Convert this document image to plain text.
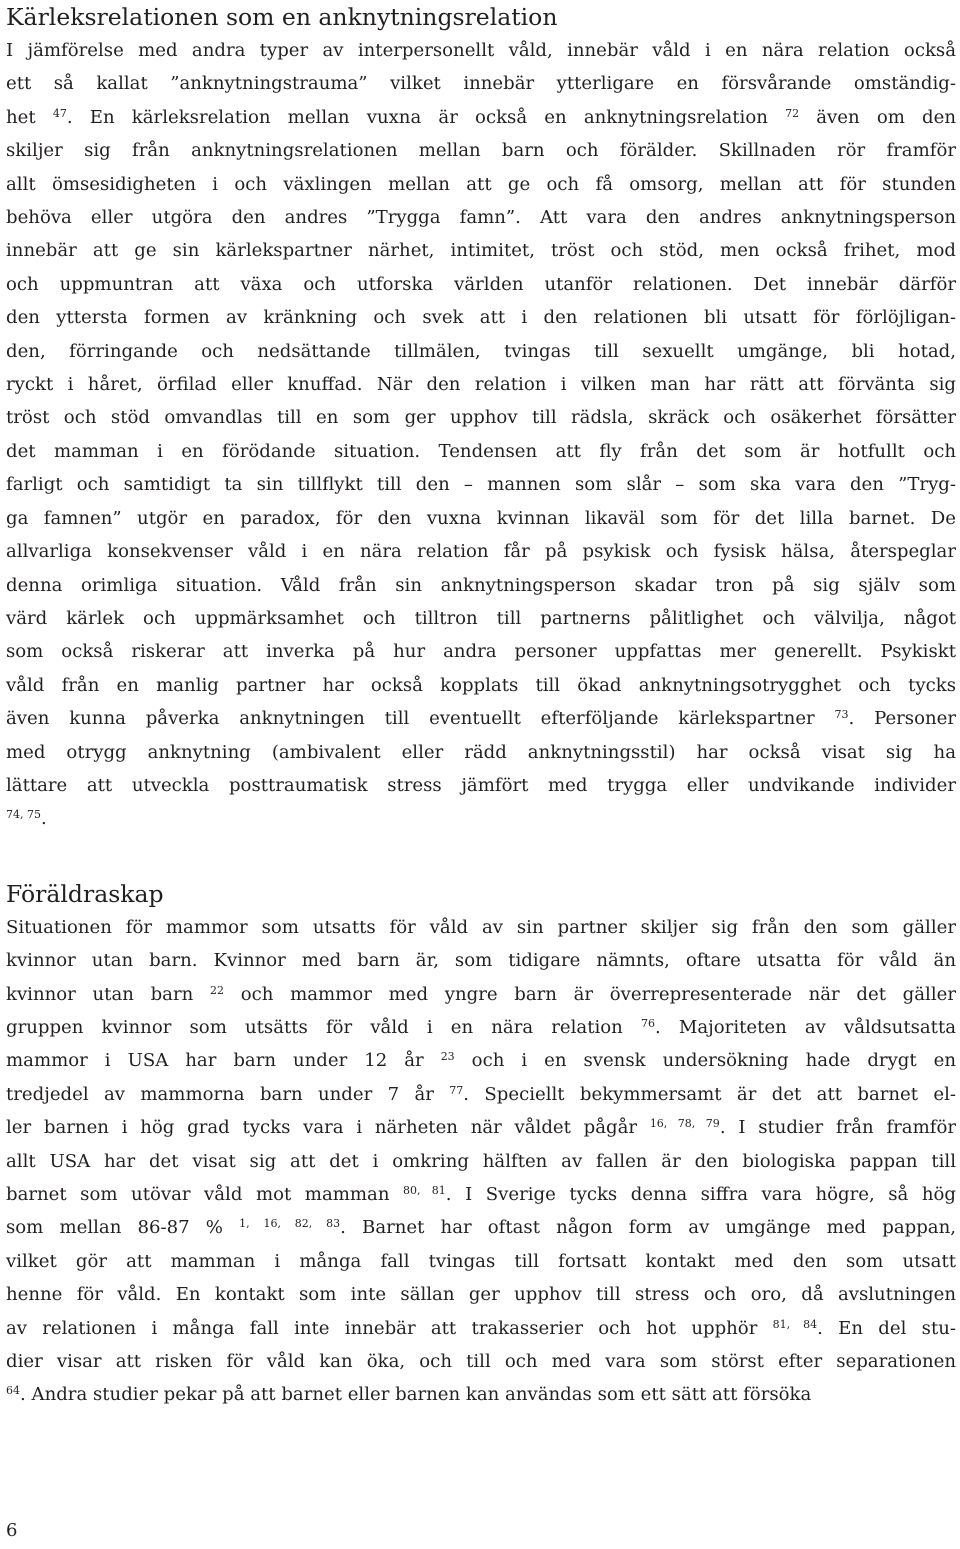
Kärleksrelationen som en anknytningsrelation

I jämförelse med andra typer av interpersonellt våld, innebär våld i en nära relation också
ett så kallat ”anknytningstrauma” vilket innebär ytterligare en försvårande omständig-
het $^{47}$. En kärleksrelation mellan vuxna är också en anknytningsrelation $^{72}$ även om den
skiljer sig från anknytningsrelationen mellan barn och förälder. Skillnaden rör framför
allt ömsesidigheten i och växlingen mellan att ge och få omsorg, mellan att för stunden
behöva eller utgöra den andres ”Trygga famn”. Att vara den andres anknytningsperson
innebär att ge sin kärlekspartner närhet, intimitet, tröst och stöd, men också frihet, mod
och uppmuntran att växa och utforska världen utanför relationen. Det innebär därför
den yttersta formen av kränkning och svek att i den relationen bli utsatt för förlöjligan-
den, förringande och nedsättande tillmälen, tvingas till sexuellt umgänge, bli hotad,
ryckt i håret, örfilad eller knuffad. När den relation i vilken man har rätt att förvänta sig
tröst och stöd omvandlas till en som ger upphov till rädsla, skräck och osäkerhet försätter
det mamman i en förödande situation. Tendensen att fly från det som är hotfullt och
farligt och samtidigt ta sin tillflykt till den – mannen som slår – som ska vara den ”Tryg-
ga famnen” utgör en paradox, för den vuxna kvinnan likaväl som för det lilla barnet. De
allvarliga konsekvenser våld i en nära relation får på psykisk och fysisk hälsa, återspeglar
denna orimliga situation. Våld från sin anknytningsperson skadar tron på sig själv som
värd kärlek och uppmärksamhet och tilltron till partnerns pålitlighet och välvilja, något
som också riskerar att inverka på hur andra personer uppfattas mer generellt. Psykiskt
våld från en manlig partner har också kopplats till ökad anknytningsotrygghet och tycks
även kunna påverka anknytningen till eventuellt efterföljande kärlekspartner $^{73}$. Personer
med otrygg anknytning (ambivalent eller rädd anknytningsstil) har också visat sig ha
lättare att utveckla posttraumatisk stress jämfört med trygga eller undvikande individer
$^{74, 75}$.

Föräldraskap

Situationen för mammor som utsatts för våld av sin partner skiljer sig från den som gäller
kvinnor utan barn. Kvinnor med barn är, som tidigare nämnts, oftare utsatta för våld än
kvinnor utan barn $^{22}$ och mammor med yngre barn är överrepresenterade när det gäller
gruppen kvinnor som utsätts för våld i en nära relation $^{76}$. Majoriteten av våldsutsatta
mammor i USA har barn under 12 år $^{23}$ och i en svensk undersökning hade drygt en
tredjedel av mammorna barn under 7 år $^{77}$. Speciellt bekymmersamt är det att barnet el-
ler barnen i hög grad tycks vara i närheten när våldet pågår $^{16, 78, 79}$. I studier från framför
allt USA har det visat sig att det i omkring hälften av fallen är den biologiska pappan till
barnet som utövar våld mot mamman $^{80, 81}$. I Sverige tycks denna siffra vara högre, så hög
som mellan 86-87 % $^{1, 16, 82, 83}$. Barnet har oftast någon form av umgänge med pappan,
vilket gör att mamman i många fall tvingas till fortsatt kontakt med den som utsatt
henne för våld. En kontakt som inte sällan ger upphov till stress och oro, då avslutningen
av relationen i många fall inte innebär att trakasserier och hot upphör $^{81, 84}$. En del stu-
dier visar att risken för våld kan öka, och till och med vara som störst efter separationen
$^{64}$. Andra studier pekar på att barnet eller barnen kan användas som ett sätt att försöka

6
